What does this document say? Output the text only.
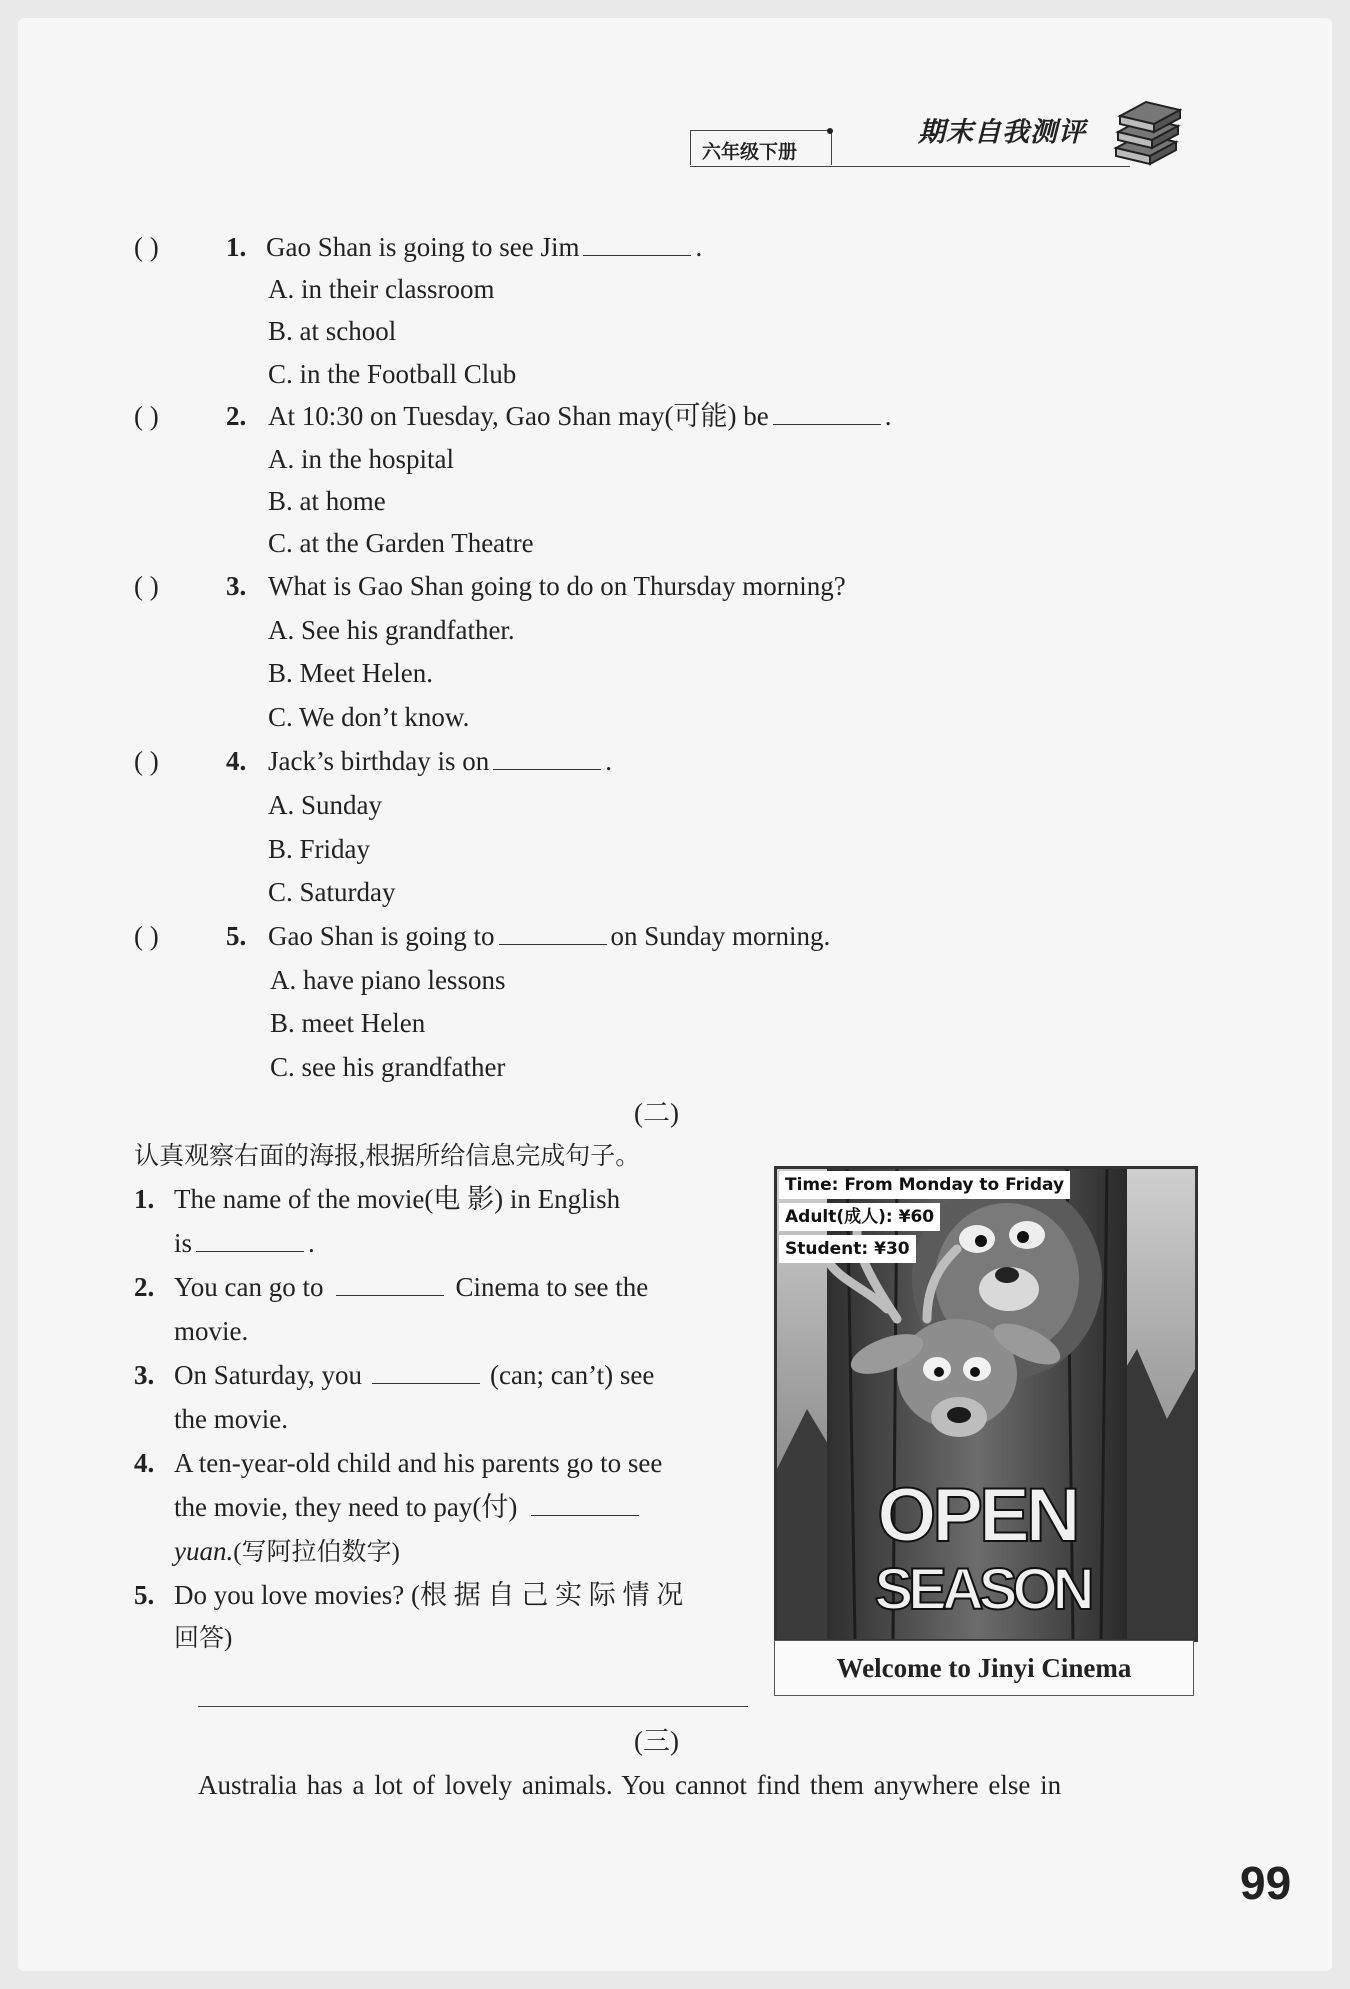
六年级下册
期末自我测评
( ) 1. Gao Shan is going to see Jim	.
A. in their classroom
B. at school
C. in the Football Club
( ) 2. At 10:30 on Tuesday, Gao Shan may(可能) be	.
A. in the hospital
B. at home
C. at the Garden Theatre
( ) 3. What is Gao Shan going to do on Thursday morning?
A. See his grandfather.
B. Meet Helen.
C. We don’t know.
( ) 4. Jack’s birthday is on	.
A. Sunday
B. Friday
C. Saturday
( ) 5. Gao Shan is going to	on Sunday morning.
A. have piano lessons
B. meet Helen
C. see his grandfather
(二)
认真观察右面的海报,根据所给信息完成句子。
1. The name of the movie(电 影) in English
is	.
2. You can go to	Cinema to see the
movie.
3. On Saturday, you	(can; can’t) see
the movie.
4. A ten-year-old child and his parents go to see
the movie, they need to pay(付)
yuan.(写阿拉伯数字)
5. Do you love movies? (根 据 自 己 实 际 情 况
回答)
OPEN
SEASON
Time: From Monday to Friday
Adult(成人): ¥60
Student: ¥30
Welcome to Jinyi Cinema
(三)
Australia has a lot of lovely animals. You cannot find them anywhere else in
99
